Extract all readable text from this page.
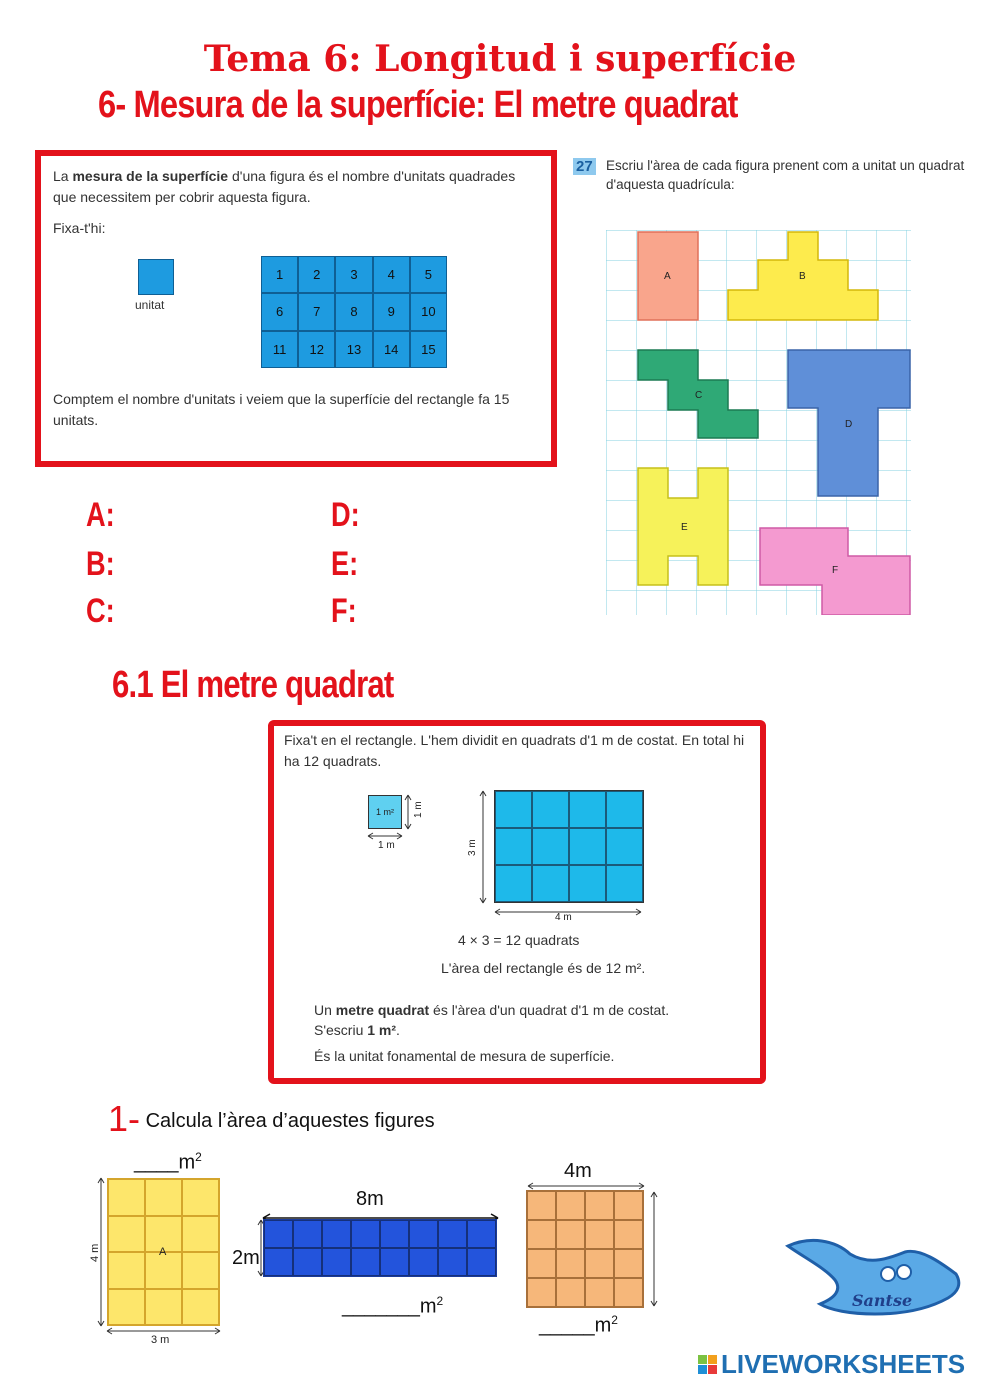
Tema 6: Longitud i superfície
6- Mesura de la superfície: El metre quadrat
La mesura de la superfície d'una figura és el nombre d'unitats quadrades que necessitem per cobrir aquesta figura.
Fixa-t'hi:
unitat
1	2	3	4	5
6	7	8	9	10
11	12	13	14	15
Comptem el nombre d'unitats i veiem que la superfície del rectangle fa 15 unitats.
27 Escriu l'àrea de cada figura prenent com a unitat un quadrat d'aquesta quadrícula:
A	B
C
D
E
F
A:
B:
C:
D:
E:
F:
6.1 El metre quadrat
Fixa't en el rectangle. L'hem dividit en quadrats d'1 m de costat. En total hi ha 12 quadrats.
1 m²	1 m
1 m	3 m
4 m
4 × 3 = 12 quadrats
L'àrea del rectangle és de 12 m².
Un metre quadrat és l'àrea d'un quadrat d'1 m de costat.
S'escriu 1 m².
És la unitat fonamental de mesura de superfície.
1- Calcula l’àrea d’aquestes figures
$\_\_\_\_m^2$
A
4 m
3 m
8m
2m
$\_\_\_\_\_\_\_m^2$
4m
$\_\_\_\_\_m^2$
Santse
LIVEWORKSHEETS
